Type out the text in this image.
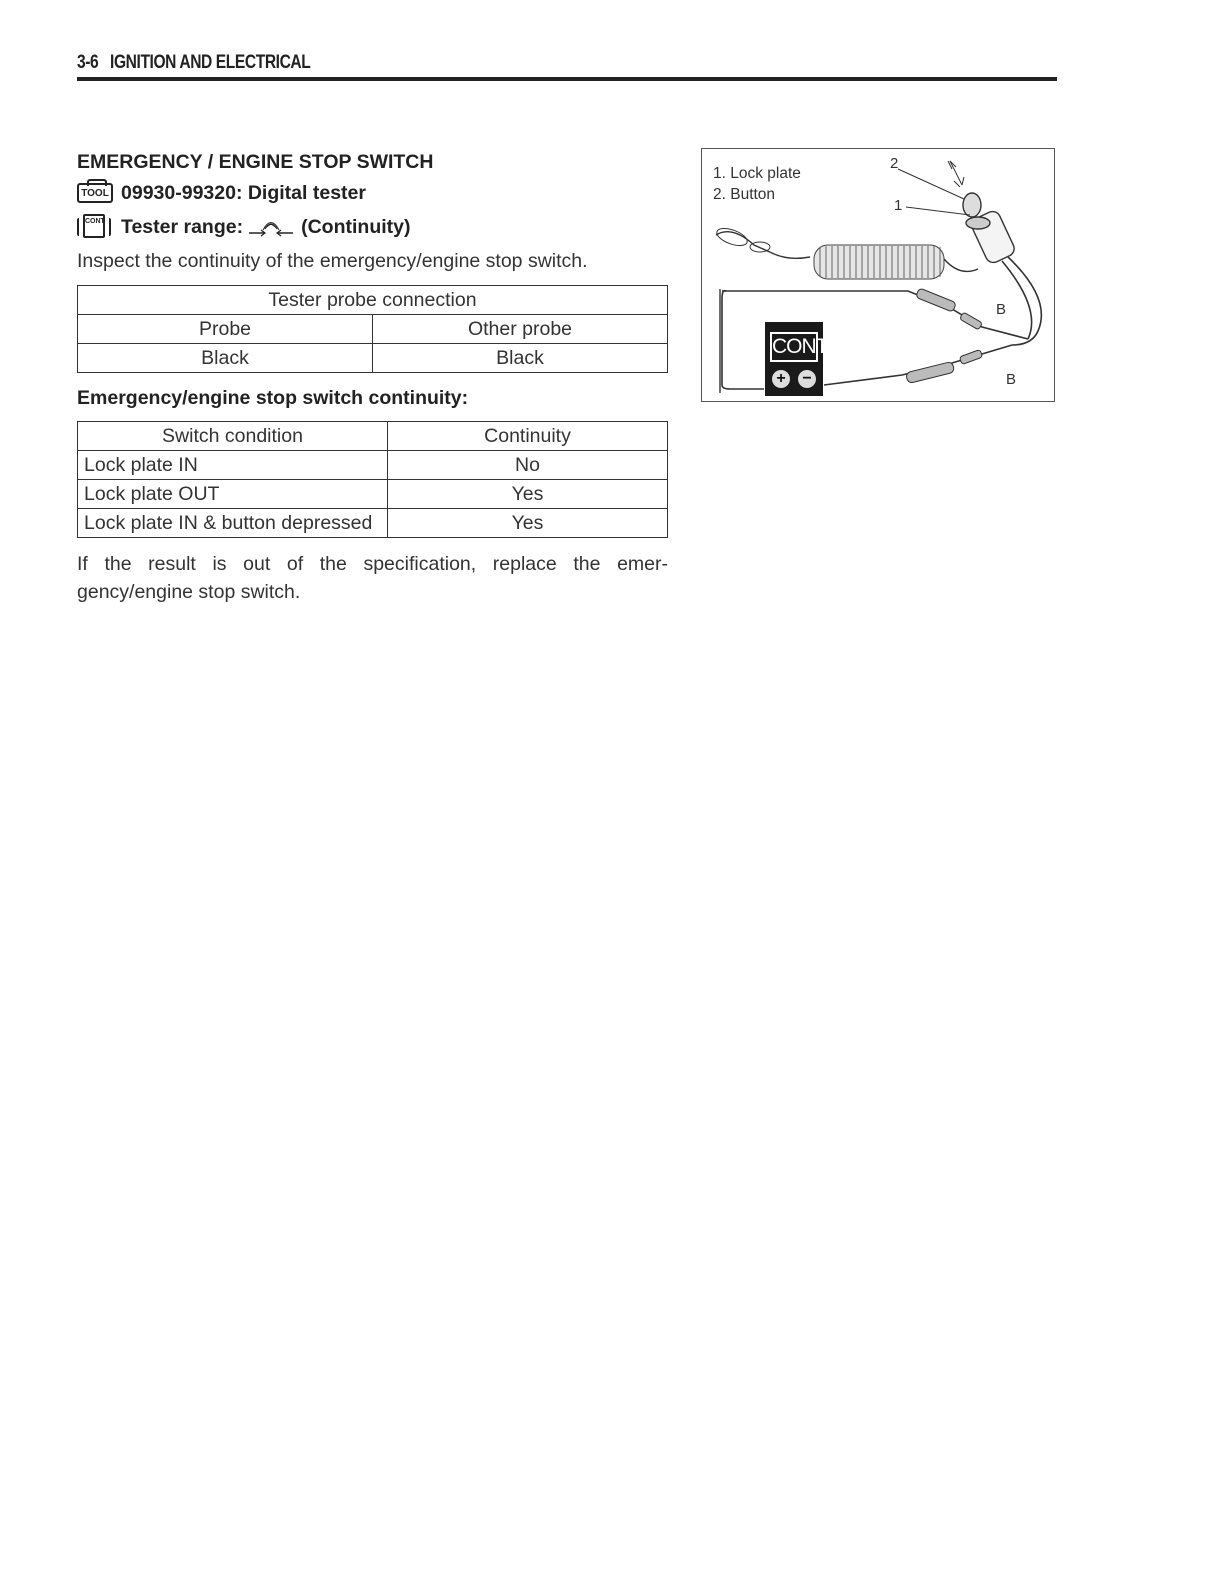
3-6 IGNITION AND ELECTRICAL
EMERGENCY / ENGINE STOP SWITCH
TOOL 09930-99320: Digital tester
CONT Tester range:	(Continuity)

Inspect the continuity of the emergency/engine stop switch.

Tester probe connection	
Probe	Other probe
Black	Black

Emergency/engine stop switch continuity:

Switch condition	Continuity
Lock plate IN	No
Lock plate OUT	Yes
Lock plate IN & button depressed	Yes

If the result is out of the specification, replace the emer-gency/engine stop switch.

1. Lock plate
2. Button
2
1
B
B
CONT
+ −
